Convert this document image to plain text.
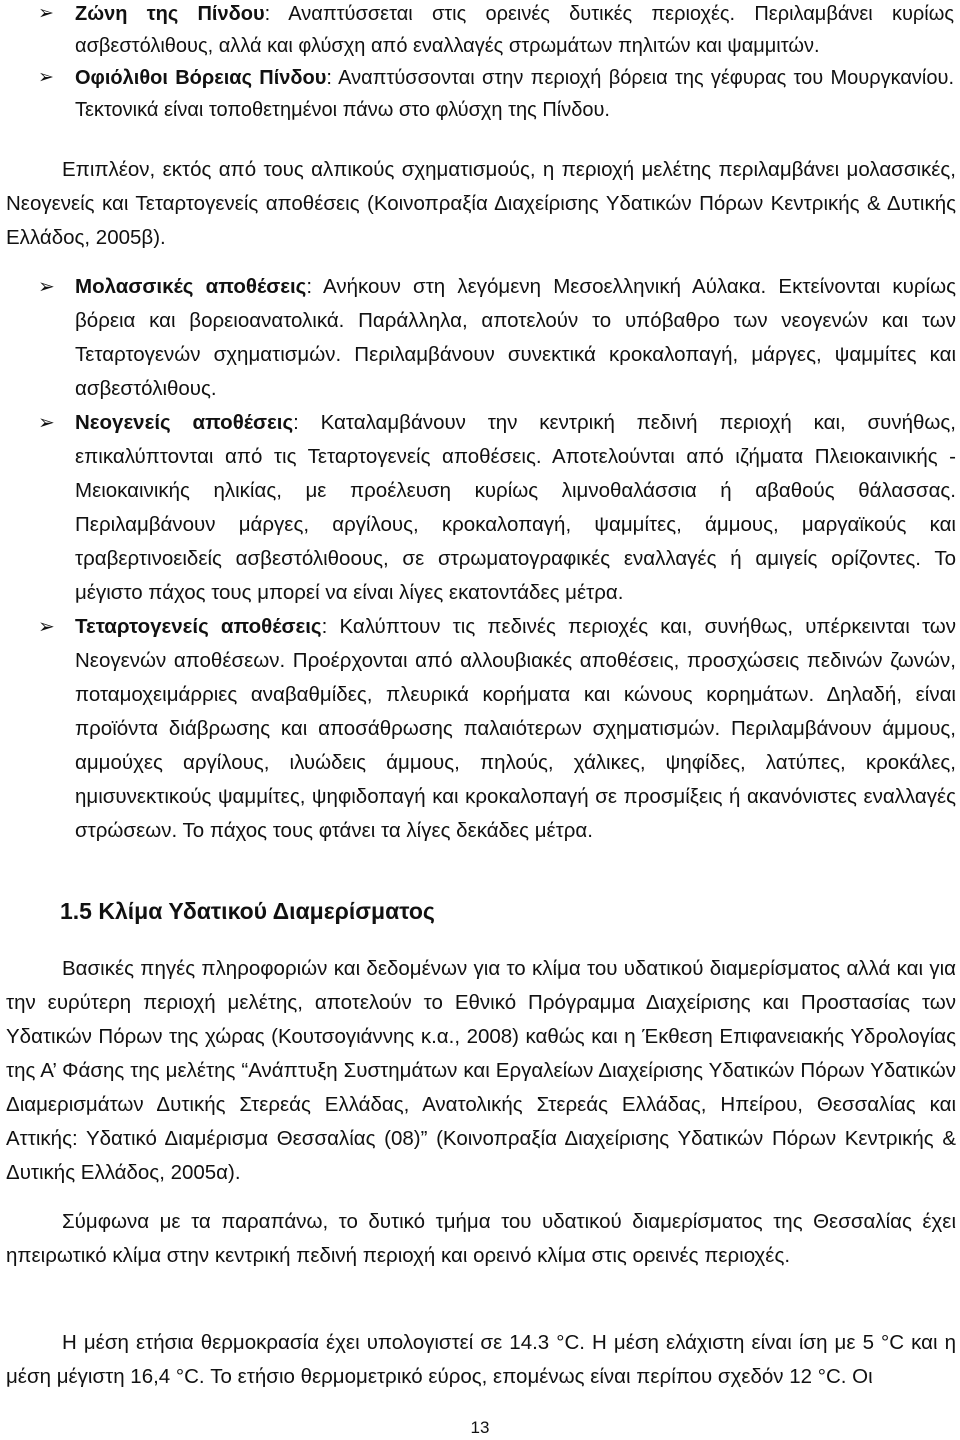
➢ Ζώνη της Πίνδου: Αναπτύσσεται στις ορεινές δυτικές περιοχές. Περιλαμβάνει κυρίως ασβεστόλιθους, αλλά και φλύσχη από εναλλαγές στρωμάτων πηλιτών και ψαμμιτών.
➢ Οφιόλιθοι Βόρειας Πίνδου: Αναπτύσσονται στην περιοχή βόρεια της γέφυρας του Μουργκανίου. Τεκτονικά είναι τοποθετημένοι πάνω στο φλύσχη της Πίνδου.
Επιπλέον, εκτός από τους αλπικούς σχηματισμούς, η περιοχή μελέτης περιλαμβάνει μολασσικές, Νεογενείς και Τεταρτογενείς αποθέσεις (Κοινοπραξία Διαχείρισης Υδατικών Πόρων Κεντρικής & Δυτικής Ελλάδος, 2005β).
➢ Μολασσικές αποθέσεις: Ανήκουν στη λεγόμενη Μεσοελληνική Αύλακα. Εκτείνονται κυρίως βόρεια και βορειοανατολικά. Παράλληλα, αποτελούν το υπόβαθρο των νεογενών και των Τεταρτογενών σχηματισμών. Περιλαμβάνουν συνεκτικά κροκαλοπαγή, μάργες, ψαμμίτες και ασβεστόλιθους.
➢ Νεογενείς αποθέσεις: Καταλαμβάνουν την κεντρική πεδινή περιοχή και, συνήθως, επικαλύπτονται από τις Τεταρτογενείς αποθέσεις. Αποτελούνται από ιζήματα Πλειοκαινικής - Μειοκαινικής ηλικίας, με προέλευση κυρίως λιμνοθαλάσσια ή αβαθούς θάλασσας. Περιλαμβάνουν μάργες, αργίλους, κροκαλοπαγή, ψαμμίτες, άμμους, μαργαϊκούς και τραβερτινοειδείς ασβεστόλιθοους, σε στρωματογραφικές εναλλαγές ή αμιγείς ορίζοντες. Το μέγιστο πάχος τους μπορεί να είναι λίγες εκατοντάδες μέτρα.
➢ Τεταρτογενείς αποθέσεις: Καλύπτουν τις πεδινές περιοχές και, συνήθως, υπέρκεινται των Νεογενών αποθέσεων. Προέρχονται από αλλουβιακές αποθέσεις, προσχώσεις πεδινών ζωνών, ποταμοχειμάρριες αναβαθμίδες, πλευρικά κορήματα και κώνους κορημάτων. Δηλαδή, είναι προϊόντα διάβρωσης και αποσάθρωσης παλαιότερων σχηματισμών. Περιλαμβάνουν άμμους, αμμούχες αργίλους, ιλυώδεις άμμους, πηλούς, χάλικες, ψηφίδες, λατύπες, κροκάλες, ημισυνεκτικούς ψαμμίτες, ψηφιδοπαγή και κροκαλοπαγή σε προσμίξεις ή ακανόνιστες εναλλαγές στρώσεων. Το πάχος τους φτάνει τα λίγες δεκάδες μέτρα.
1.5 Κλίμα Υδατικού Διαμερίσματος
Βασικές πηγές πληροφοριών και δεδομένων για το κλίμα του υδατικού διαμερίσματος αλλά και για την ευρύτερη περιοχή μελέτης, αποτελούν το Εθνικό Πρόγραμμα Διαχείρισης και Προστασίας των Υδατικών Πόρων της χώρας (Κουτσογιάννης κ.α., 2008) καθώς και η Έκθεση Επιφανειακής Υδρολογίας της Α’ Φάσης της μελέτης “Ανάπτυξη Συστημάτων και Εργαλείων Διαχείρισης Υδατικών Πόρων Υδατικών Διαμερισμάτων Δυτικής Στερεάς Ελλάδας, Ανατολικής Στερεάς Ελλάδας, Ηπείρου, Θεσσαλίας και Αττικής: Υδατικό Διαμέρισμα Θεσσαλίας (08)” (Κοινοπραξία Διαχείρισης Υδατικών Πόρων Κεντρικής & Δυτικής Ελλάδος, 2005α).
Σύμφωνα με τα παραπάνω, το δυτικό τμήμα του υδατικού διαμερίσματος της Θεσσαλίας έχει ηπειρωτικό κλίμα στην κεντρική πεδινή περιοχή και ορεινό κλίμα στις ορεινές περιοχές.
Η μέση ετήσια θερμοκρασία έχει υπολογιστεί σε 14.3 °C. Η μέση ελάχιστη είναι ίση με 5 °C και η μέση μέγιστη 16,4 °C. Το ετήσιο θερμομετρικό εύρος, επομένως είναι περίπου σχεδόν 12 °C. Οι
13
